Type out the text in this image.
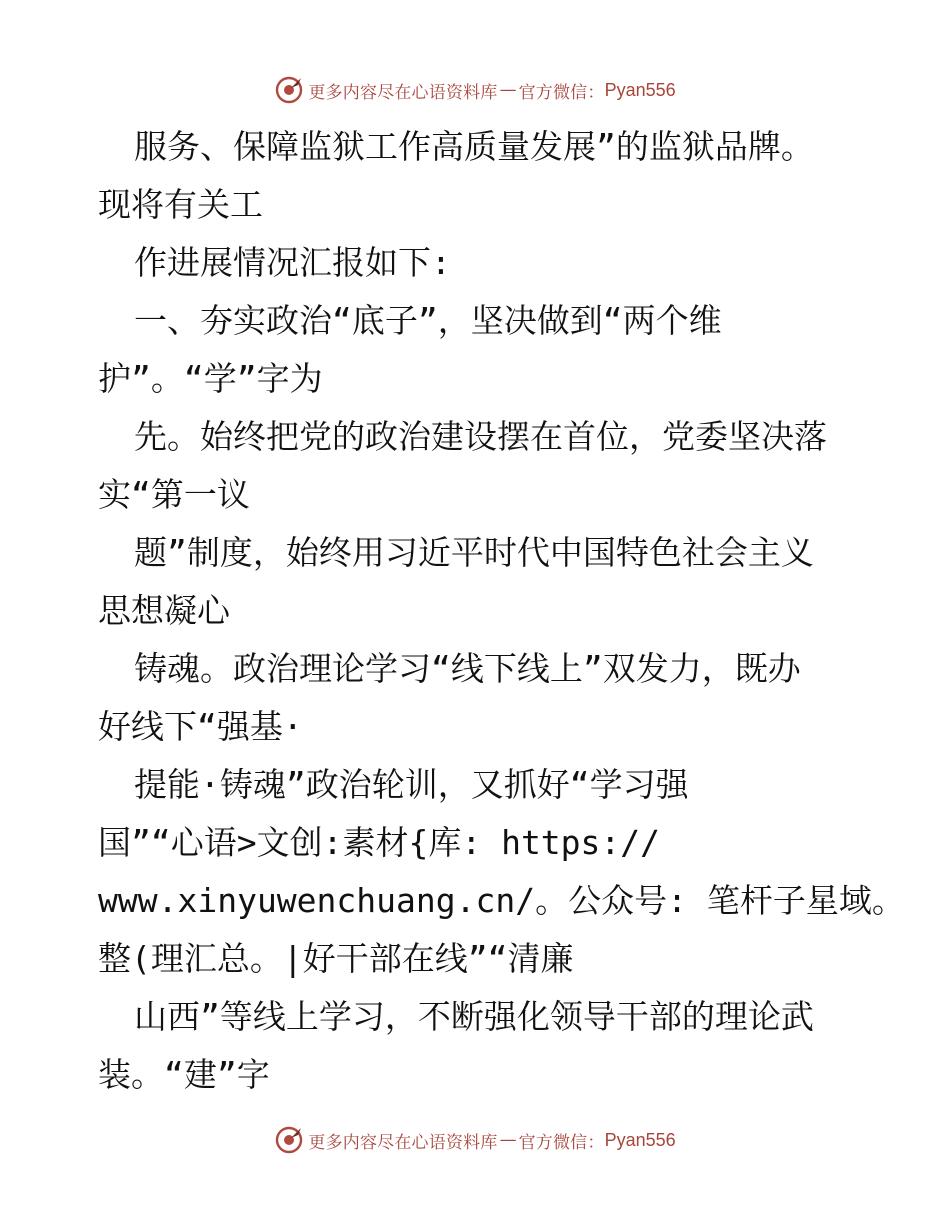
更多内容尽在心语资料库 — 官方微信： Pyan556
服务、保障监狱工作高质量发展”的监狱品牌。
现将有关工
作进展情况汇报如下:
一、夯实政治“底子”，坚决做到“两个维
护”。“学”字为
先。始终把党的政治建设摆在首位，党委坚决落
实“第一议
题”制度，始终用习近平时代中国特色社会主义
思想凝心
铸魂。政治理论学习“线下线上”双发力，既办
好线下“强基·
提能·铸魂”政治轮训，又抓好“学习强
国”“心语>文创:素材{库: https://
www.xinyuwenchuang.cn/。公众号: 笔杆子星域。
整(理汇总。|好干部在线”“清廉
山西”等线上学习，不断强化领导干部的理论武
装。“建”字
更多内容尽在心语资料库 — 官方微信： Pyan556
